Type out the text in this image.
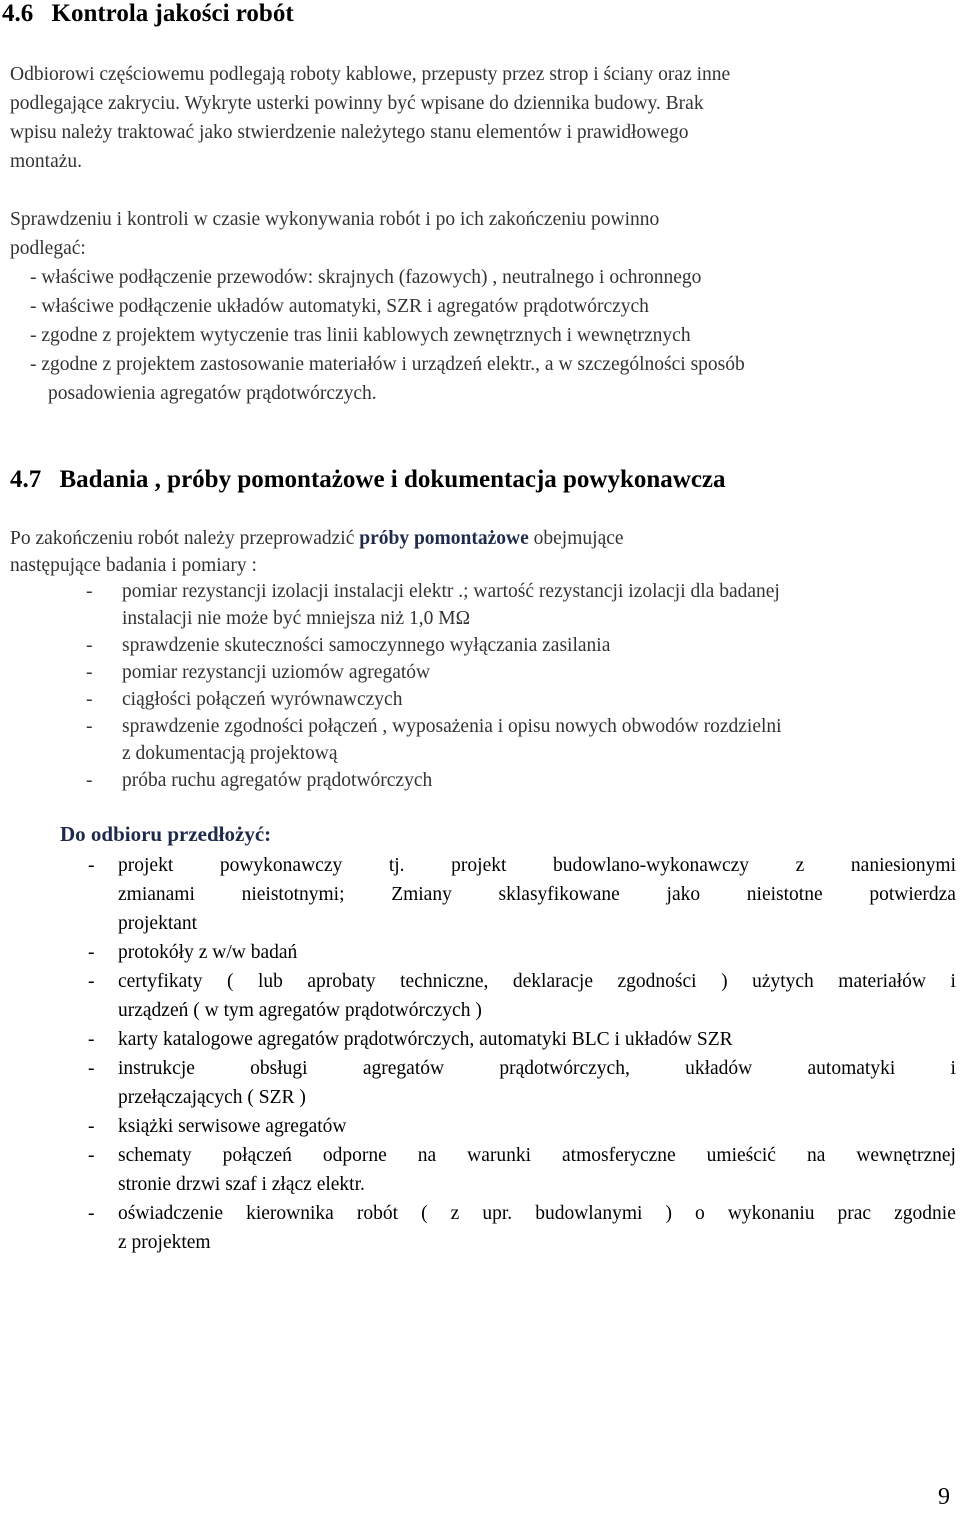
4.6 Kontrola jakości robót
Odbiorowi częściowemu podlegają roboty kablowe, przepusty przez strop i ściany oraz inne
podlegające zakryciu. Wykryte usterki powinny być wpisane do dziennika budowy. Brak
wpisu należy traktować jako stwierdzenie należytego stanu elementów i prawidłowego
montażu.
Sprawdzeniu i kontroli w czasie wykonywania robót i po ich zakończeniu powinno
podlegać:
- właściwe podłączenie przewodów: skrajnych (fazowych) , neutralnego i ochronnego
- właściwe podłączenie układów automatyki, SZR i agregatów prądotwórczych
- zgodne z projektem wytyczenie tras linii kablowych zewnętrznych i wewnętrznych
- zgodne z projektem zastosowanie materiałów i urządzeń elektr., a w szczególności sposób
posadowienia agregatów prądotwórczych.
4.7 Badania , próby pomontażowe i dokumentacja powykonawcza
Po zakończeniu robót należy przeprowadzić próby pomontażowe obejmujące
następujące badania i pomiary :
- pomiar rezystancji izolacji instalacji elektr .; wartość rezystancji izolacji dla badanej
instalacji nie może być mniejsza niż 1,0 MΩ
- sprawdzenie skuteczności samoczynnego wyłączania zasilania
- pomiar rezystancji uziomów agregatów
- ciągłości połączeń wyrównawczych
- sprawdzenie zgodności połączeń , wyposażenia i opisu nowych obwodów rozdzielni
z dokumentacją projektową
- próba ruchu agregatów prądotwórczych
Do odbioru przedłożyć:
- projekt powykonawczy tj. projekt budowlano-wykonawczy z naniesionymi
zmianami nieistotnymi; Zmiany sklasyfikowane jako nieistotne potwierdza
projektant
- protokóły z w/w badań
- certyfikaty ( lub aprobaty techniczne, deklaracje zgodności ) użytych materiałów i
urządzeń ( w tym agregatów prądotwórczych )
- karty katalogowe agregatów prądotwórczych, automatyki BLC i układów SZR
- instrukcje	obsługi	agregatów	prądotwórczych,	układów	automatyki	i
przełączających ( SZR )
- książki serwisowe agregatów
- schematy połączeń odporne na warunki atmosferyczne umieścić na wewnętrznej
stronie drzwi szaf i złącz elektr.
- oświadczenie kierownika robót ( z upr. budowlanymi ) o wykonaniu prac zgodnie
z projektem
9
